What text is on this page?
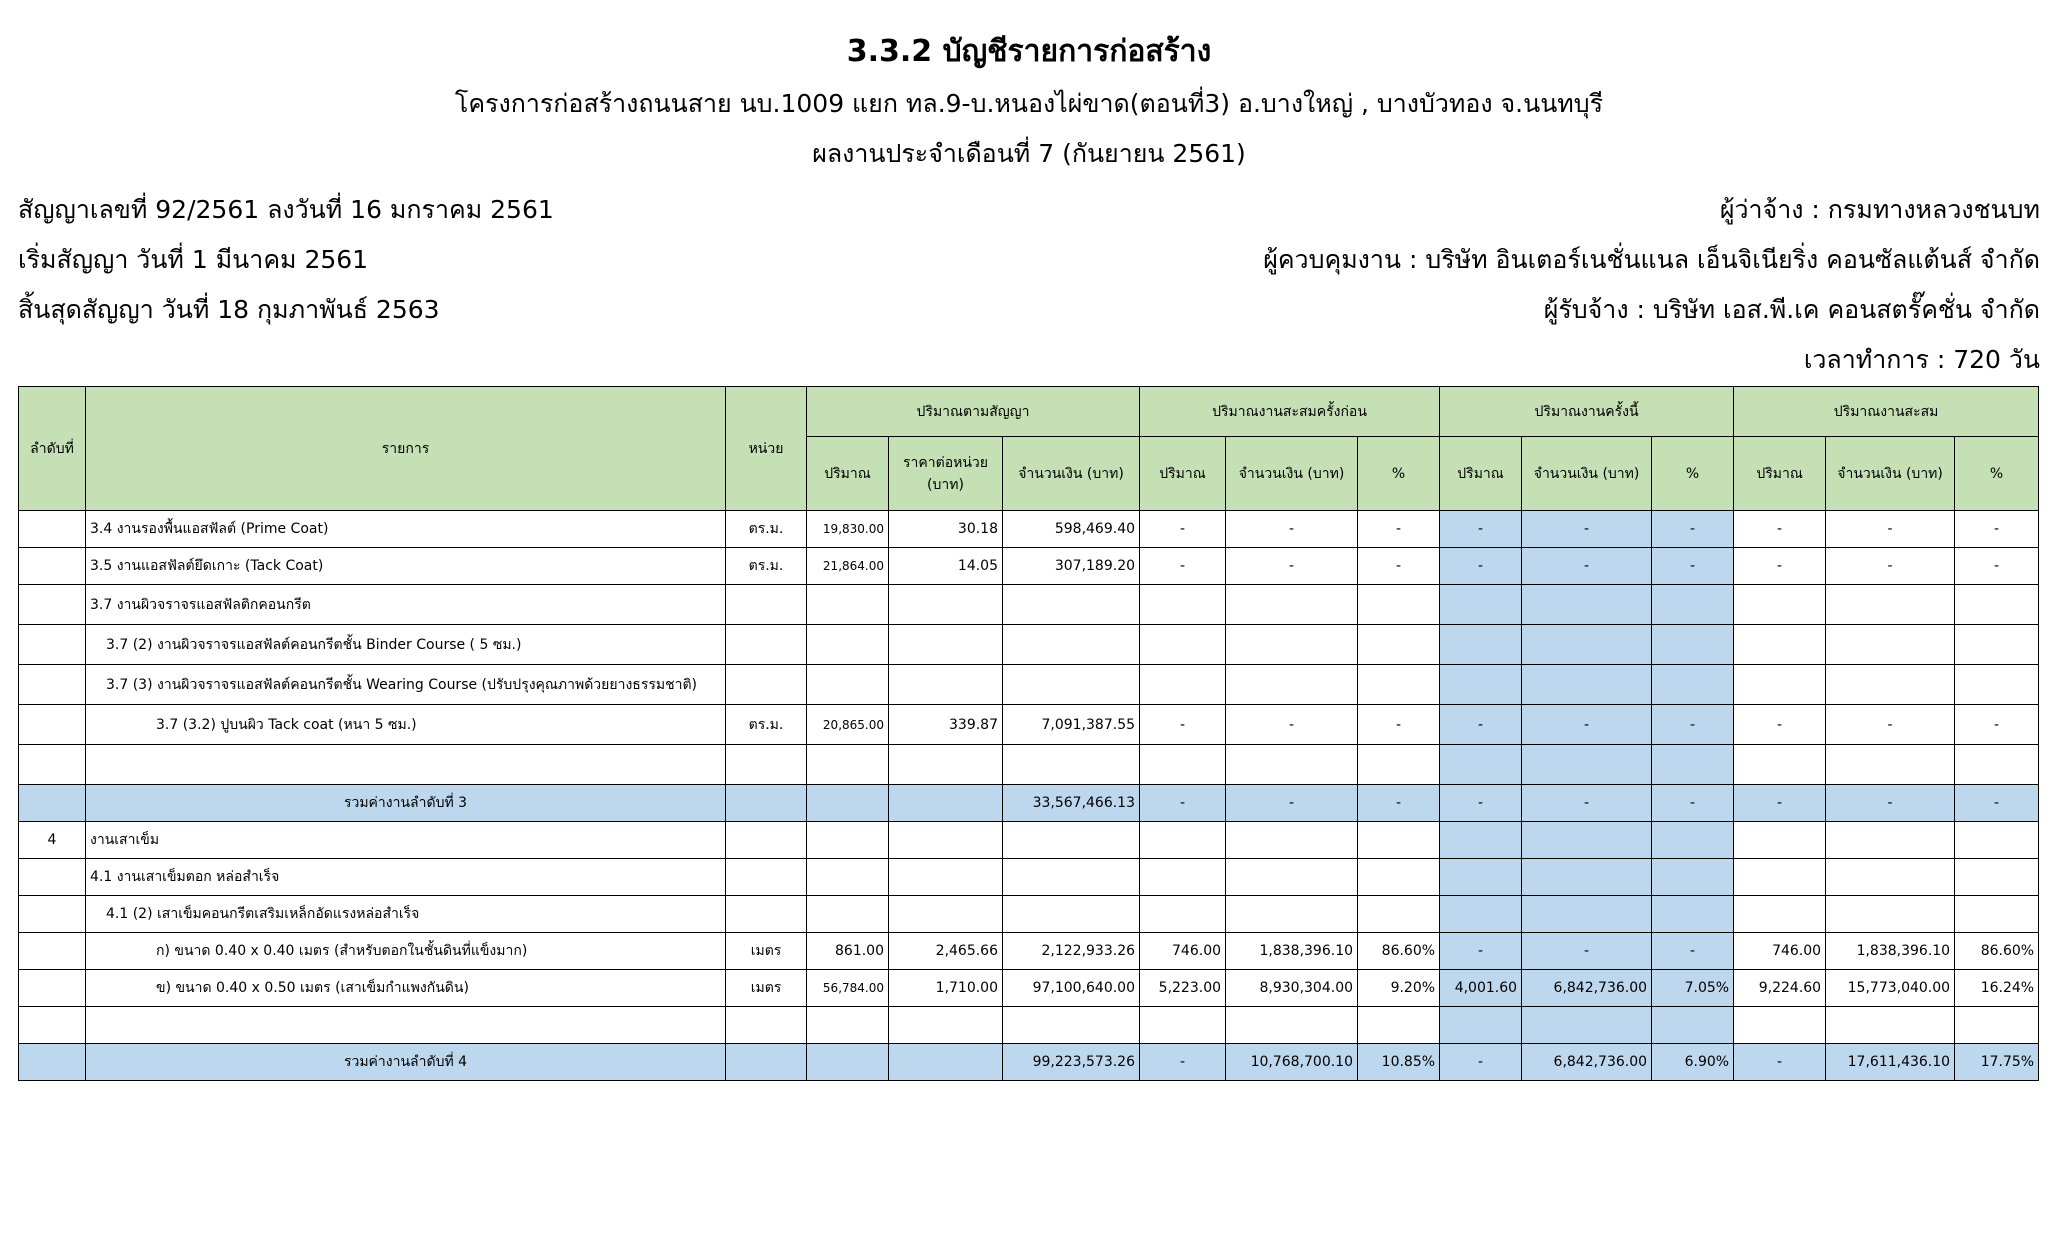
3.3.2 บัญชีรายการก่อสร้าง
โครงการก่อสร้างถนนสาย นบ.1009 แยก ทล.9-บ.หนองไผ่ขาด(ตอนที่3) อ.บางใหญ่ , บางบัวทอง จ.นนทบุรี
ผลงานประจำเดือนที่ 7 (กันยายน 2561)
สัญญาเลขที่ 92/2561 ลงวันที่ 16 มกราคม 2561
เริ่มสัญญา วันที่ 1 มีนาคม 2561
สิ้นสุดสัญญา วันที่ 18 กุมภาพันธ์ 2563
ผู้ว่าจ้าง : กรมทางหลวงชนบท
ผู้ควบคุมงาน : บริษัท อินเตอร์เนชั่นแนล เอ็นจิเนียริ่ง คอนซัลแต้นส์ จำกัด
ผู้รับจ้าง : บริษัท เอส.พี.เค คอนสตรั๊คชั่น จำกัด
เวลาทำการ : 720 วัน
ลำดับที่	รายการ	หน่วย	ปริมาณตามสัญญา			ปริมาณงานสะสมครั้งก่อน			ปริมาณงานครั้งนี้			ปริมาณงานสะสม		
			ปริมาณ	ราคาต่อหน่วย
(บาท)	จำนวนเงิน (บาท)	ปริมาณ	จำนวนเงิน (บาท)	%	ปริมาณ	จำนวนเงิน (บาท)	%	ปริมาณ	จำนวนเงิน (บาท)	%
	3.4 งานรองพื้นแอสฟัลต์ (Prime Coat)	ตร.ม.	19,830.00	30.18	598,469.40	-	-	-	-	-	-	-	-	-
	3.5 งานแอสฟัลต์ยึดเกาะ (Tack Coat)	ตร.ม.	21,864.00	14.05	307,189.20	-	-	-	-	-	-	-	-	-
	3.7 งานผิวจราจรแอสฟัลติกคอนกรีต													
	3.7 (2) งานผิวจราจรแอสฟัลต์คอนกรีตชั้น Binder Course ( 5 ซม.)													
	3.7 (3) งานผิวจราจรแอสฟัลต์คอนกรีตชั้น Wearing Course (ปรับปรุงคุณภาพด้วยยางธรรมชาติ)													
	3.7 (3.2) ปูบนผิว Tack coat (หนา 5 ซม.)	ตร.ม.	20,865.00	339.87	7,091,387.55	-	-	-	-	-	-	-	-	-

	รวมค่างานลำดับที่ 3				33,567,466.13	-	-	-	-	-	-	-	-	-
4	งานเสาเข็ม													
	4.1 งานเสาเข็มตอก หล่อสำเร็จ													
	4.1 (2) เสาเข็มคอนกรีตเสริมเหล็กอัดแรงหล่อสำเร็จ													
	ก) ขนาด 0.40 x 0.40 เมตร (สำหรับตอกในชั้นดินที่แข็งมาก)	เมตร	861.00	2,465.66	2,122,933.26	746.00	1,838,396.10	86.60%	-	-	-	746.00	1,838,396.10	86.60%
	ข) ขนาด 0.40 x 0.50 เมตร (เสาเข็มกำแพงกันดิน)	เมตร	56,784.00	1,710.00	97,100,640.00	5,223.00	8,930,304.00	9.20%	4,001.60	6,842,736.00	7.05%	9,224.60	15,773,040.00	16.24%

	รวมค่างานลำดับที่ 4				99,223,573.26	-	10,768,700.10	10.85%	-	6,842,736.00	6.90%	-	17,611,436.10	17.75%
